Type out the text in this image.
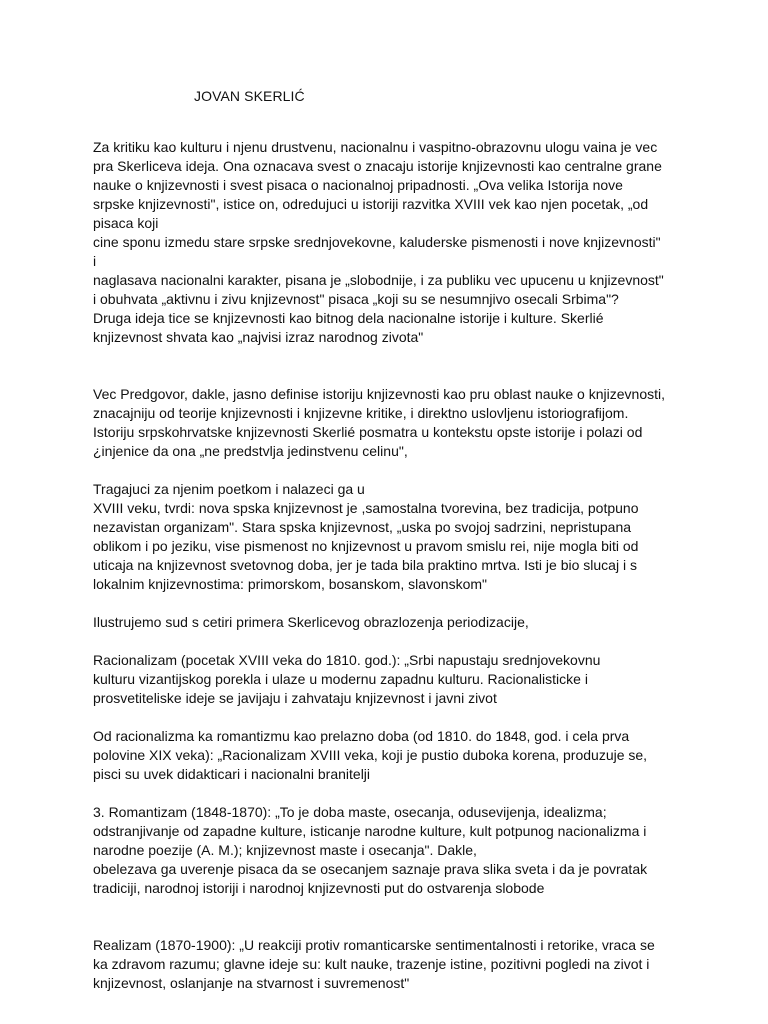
JOVAN SKERLIĆ

Za kritiku kao kulturu i njenu drustvenu, nacionalnu i vaspitno-obrazovnu ulogu vaina je vec
pra Skerliceva ideja. Ona oznacava svest o znacaju istorije knjizevnosti kao centralne grane
nauke o knjizevnosti i svest pisaca o nacionalnoj pripadnosti. „Ova velika Istorija nove
srpske knjizevnosti", istice on, odredujuci u istoriji razvitka XVIII vek kao njen pocetak, „od
pisaca koji
cine sponu izmedu stare srpske srednjovekovne, kaluderske pismenosti i nove knjizevnosti"
i
naglasava nacionalni karakter, pisana je „slobodnije, i za publiku vec upucenu u knjizevnost"
i obuhvata „aktivnu i zivu knjizevnost" pisaca „koji su se nesumnjivo osecali Srbima"?
Druga ideja tice se knjizevnosti kao bitnog dela nacionalne istorije i kulture. Skerlié
knjizevnost shvata kao „najvisi izraz narodnog zivota"

Vec Predgovor, dakle, jasno definise istoriju knjizevnosti kao pru oblast nauke o knjizevnosti,
znacajniju od teorije knjizevnosti i knjizevne kritike, i direktno uslovljenu istoriografijom.
Istoriju srpskohrvatske knjizevnosti Skerlié posmatra u kontekstu opste istorije i polazi od
¿injenice da ona „ne predstvlja jedinstvenu celinu",

Tragajuci za njenim poetkom i nalazeci ga u
XVIII veku, tvrdi: nova spska knjizevnost je ,samostalna tvorevina, bez tradicija, potpuno
nezavistan organizam". Stara spska knjizevnost, „uska po svojoj sadrzini, nepristupana
oblikom i po jeziku, vise pismenost no knjizevnost u pravom smislu rei, nije mogla biti od
uticaja na knjizevnost svetovnog doba, jer je tada bila praktino mrtva. Isti je bio slucaj i s
lokalnim knjizevnostima: primorskom, bosanskom, slavonskom"

Ilustrujemo sud s cetiri primera Skerlicevog obrazlozenja periodizacije,

Racionalizam (pocetak XVIII veka do 1810. god.): „Srbi napustaju srednjovekovnu
kulturu vizantijskog porekla i ulaze u modernu zapadnu kulturu. Racionalisticke i
prosvetiteliske ideje se javijaju i zahvataju knjizevnost i javni zivot

Od racionalizma ka romantizmu kao prelazno doba (od 1810. do 1848, god. i cela prva
polovine XIX veka): „Racionalizam XVIII veka, koji je pustio duboka korena, produzuje se,
pisci su uvek didakticari i nacionalni branitelji

3. Romantizam (1848-1870): „To je doba maste, osecanja, odusevijenja, idealizma;
odstranjivanje od zapadne kulture, isticanje narodne kulture, kult potpunog nacionalizma i
narodne poezije (A. M.); knjizevnost maste i osecanja". Dakle,
obelezava ga uverenje pisaca da se osecanjem saznaje prava slika sveta i da je povratak
tradiciji, narodnoj istoriji i narodnoj knjizevnosti put do ostvarenja slobode

Realizam (1870-1900): „U reakciji protiv romanticarske sentimentalnosti i retorike, vraca se
ka zdravom razumu; glavne ideje su: kult nauke, trazenje istine, pozitivni pogledi na zivot i
knjizevnost, oslanjanje na stvarnost i suvremenost"
